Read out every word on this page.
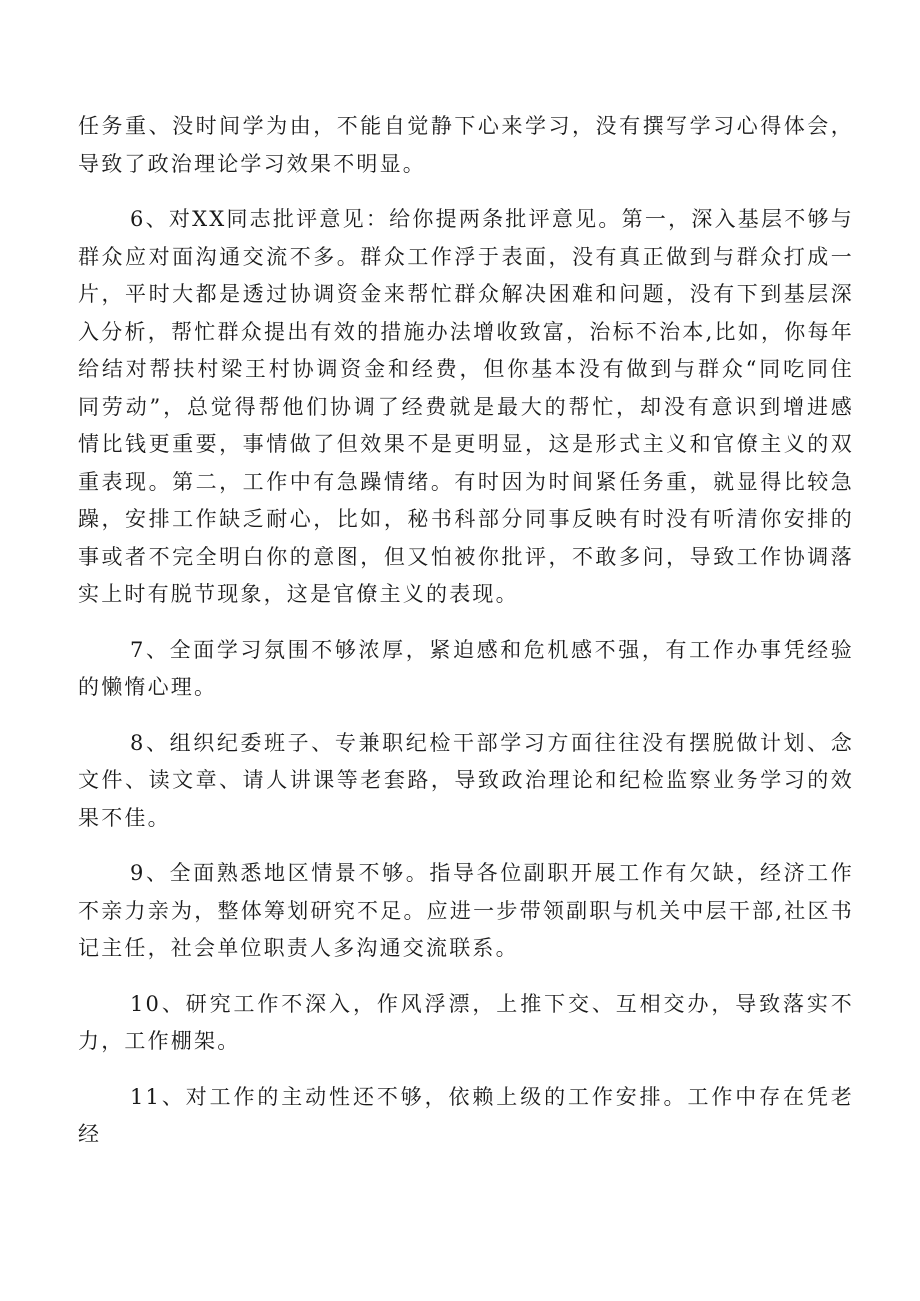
任务重、没时间学为由，不能自觉静下心来学习，没有撰写学习心得体会，导致了政治理论学习效果不明显。

6、对XX同志批评意见：给你提两条批评意见。第一，深入基层不够与群众应对面沟通交流不多。群众工作浮于表面，没有真正做到与群众打成一片，平时大都是透过协调资金来帮忙群众解决困难和问题，没有下到基层深入分析，帮忙群众提出有效的措施办法增收致富，治标不治本,比如，你每年给结对帮扶村梁王村协调资金和经费，但你基本没有做到与群众“同吃同住同劳动”，总觉得帮他们协调了经费就是最大的帮忙，却没有意识到增进感情比钱更重要，事情做了但效果不是更明显，这是形式主义和官僚主义的双重表现。第二，工作中有急躁情绪。有时因为时间紧任务重，就显得比较急躁，安排工作缺乏耐心，比如，秘书科部分同事反映有时没有听清你安排的事或者不完全明白你的意图，但又怕被你批评，不敢多问，导致工作协调落实上时有脱节现象，这是官僚主义的表现。

7、全面学习氛围不够浓厚，紧迫感和危机感不强，有工作办事凭经验的懒惰心理。

8、组织纪委班子、专兼职纪检干部学习方面往往没有摆脱做计划、念文件、读文章、请人讲课等老套路，导致政治理论和纪检监察业务学习的效果不佳。

9、全面熟悉地区情景不够。指导各位副职开展工作有欠缺，经济工作不亲力亲为，整体筹划研究不足。应进一步带领副职与机关中层干部,社区书记主任，社会单位职责人多沟通交流联系。

10、研究工作不深入，作风浮漂，上推下交、互相交办，导致落实不力，工作棚架。

11、对工作的主动性还不够，依赖上级的工作安排。工作中存在凭老经
